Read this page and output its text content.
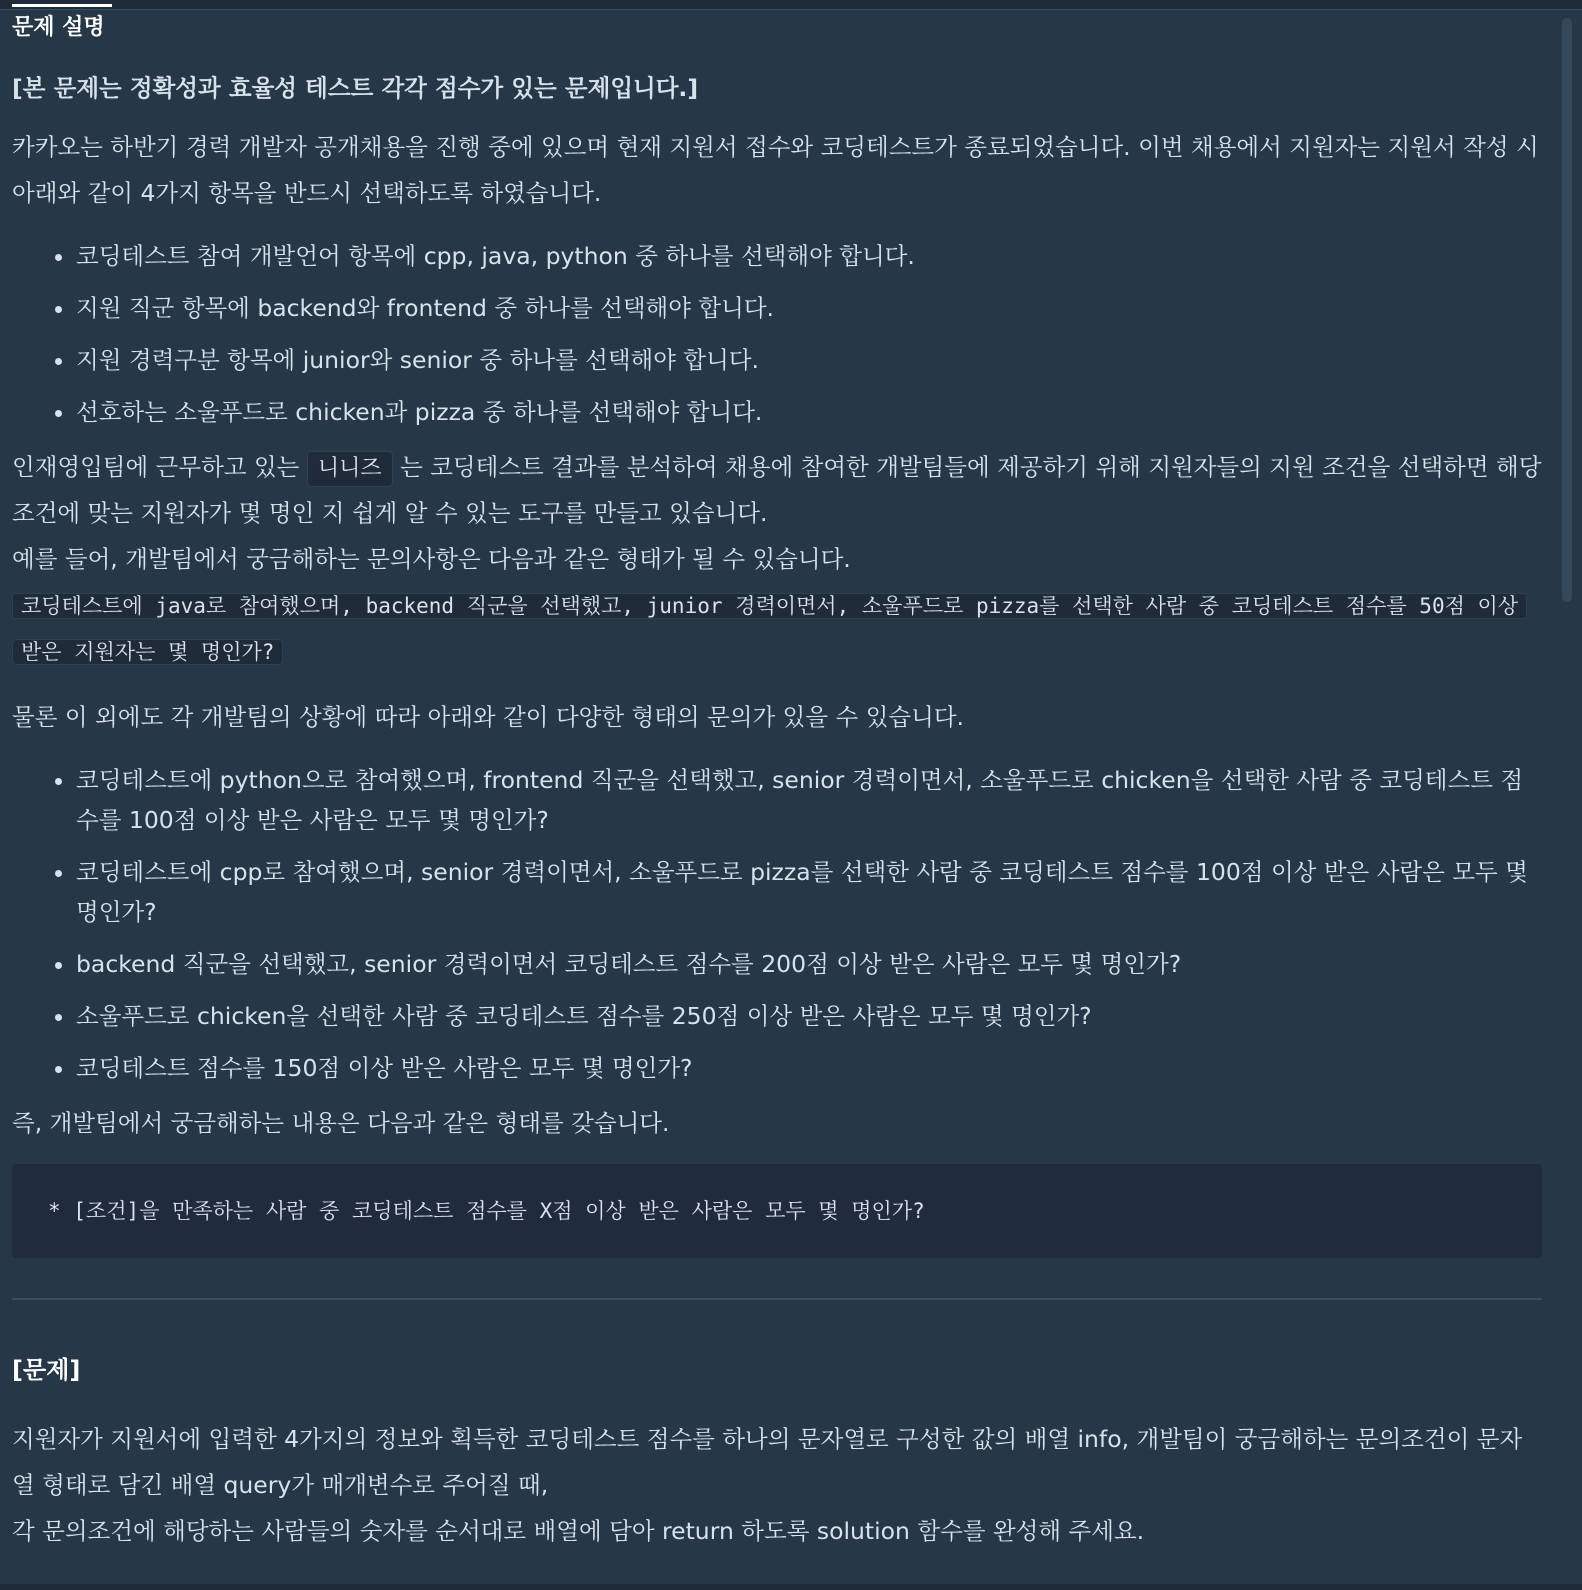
문제 설명

[본 문제는 정확성과 효율성 테스트 각각 점수가 있는 문제입니다.]

카카오는 하반기 경력 개발자 공개채용을 진행 중에 있으며 현재 지원서 접수와 코딩테스트가 종료되었습니다. 이번 채용에서 지원자는 지원서 작성 시 아래와 같이 4가지 항목을 반드시 선택하도록 하였습니다.

• 코딩테스트 참여 개발언어 항목에 cpp, java, python 중 하나를 선택해야 합니다.
• 지원 직군 항목에 backend와 frontend 중 하나를 선택해야 합니다.
• 지원 경력구분 항목에 junior와 senior 중 하나를 선택해야 합니다.
• 선호하는 소울푸드로 chicken과 pizza 중 하나를 선택해야 합니다.

인재영입팀에 근무하고 있는 니니즈 는 코딩테스트 결과를 분석하여 채용에 참여한 개발팀들에 제공하기 위해 지원자들의 지원 조건을 선택하면 해당 조건에 맞는 지원자가 몇 명인 지 쉽게 알 수 있는 도구를 만들고 있습니다.

예를 들어, 개발팀에서 궁금해하는 문의사항은 다음과 같은 형태가 될 수 있습니다.

코딩테스트에 java로 참여했으며, backend 직군을 선택했고, junior 경력이면서, 소울푸드로 pizza를 선택한 사람 중 코딩테스트 점수를 50점 이상 받은 지원자는 몇 명인가?

물론 이 외에도 각 개발팀의 상황에 따라 아래와 같이 다양한 형태의 문의가 있을 수 있습니다.

• 코딩테스트에 python으로 참여했으며, frontend 직군을 선택했고, senior 경력이면서, 소울푸드로 chicken을 선택한 사람 중 코딩테스트 점수를 100점 이상 받은 사람은 모두 몇 명인가?
• 코딩테스트에 cpp로 참여했으며, senior 경력이면서, 소울푸드로 pizza를 선택한 사람 중 코딩테스트 점수를 100점 이상 받은 사람은 모두 몇 명인가?
• backend 직군을 선택했고, senior 경력이면서 코딩테스트 점수를 200점 이상 받은 사람은 모두 몇 명인가?
• 소울푸드로 chicken을 선택한 사람 중 코딩테스트 점수를 250점 이상 받은 사람은 모두 몇 명인가?
• 코딩테스트 점수를 150점 이상 받은 사람은 모두 몇 명인가?

즉, 개발팀에서 궁금해하는 내용은 다음과 같은 형태를 갖습니다.

* [조건]을 만족하는 사람 중 코딩테스트 점수를 X점 이상 받은 사람은 모두 몇 명인가?
[문제]

지원자가 지원서에 입력한 4가지의 정보와 획득한 코딩테스트 점수를 하나의 문자열로 구성한 값의 배열 info, 개발팀이 궁금해하는 문의조건이 문자열 형태로 담긴 배열 query가 매개변수로 주어질 때,

각 문의조건에 해당하는 사람들의 숫자를 순서대로 배열에 담아 return 하도록 solution 함수를 완성해 주세요.
